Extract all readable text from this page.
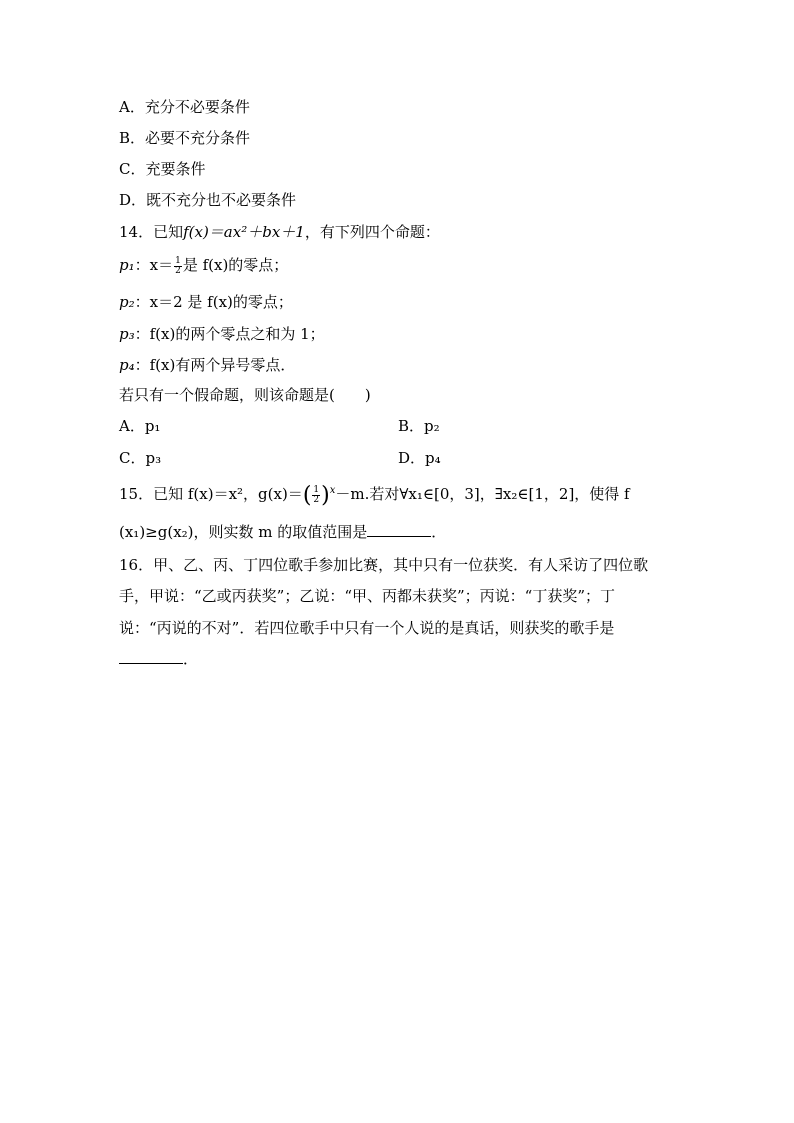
A．充分不必要条件
B．必要不充分条件
C．充要条件
D．既不充分也不必要条件
14．已知f(x)＝ax²＋bx＋1，有下列四个命题：
p₁：$x= \frac{1}{2}$ 是 f(x)的零点；
p₂：x＝2 是 f(x)的零点；
p₃：f(x)的两个零点之和为 1；
p₄：f(x)有两个异号零点．
若只有一个假命题，则该命题是(　　)
A．p₁	B．p₂
C．p₃	D．p₄
15．已知 f(x)＝x²，$g(x)=( \frac{1}{2} )^x-m$.若对∀x₁∈[0，3]，∃x₂∈[1，2]，使得 f
(x₁)≥g(x₂)，则实数 m 的取值范围是	．
16．甲、乙、丙、丁四位歌手参加比赛，其中只有一位获奖．有人采访了四位歌
手，甲说：“乙或丙获奖”；乙说：“甲、丙都未获奖”；丙说：“丁获奖”；丁
说：“丙说的不对”．若四位歌手中只有一个人说的是真话，则获奖的歌手是
．
